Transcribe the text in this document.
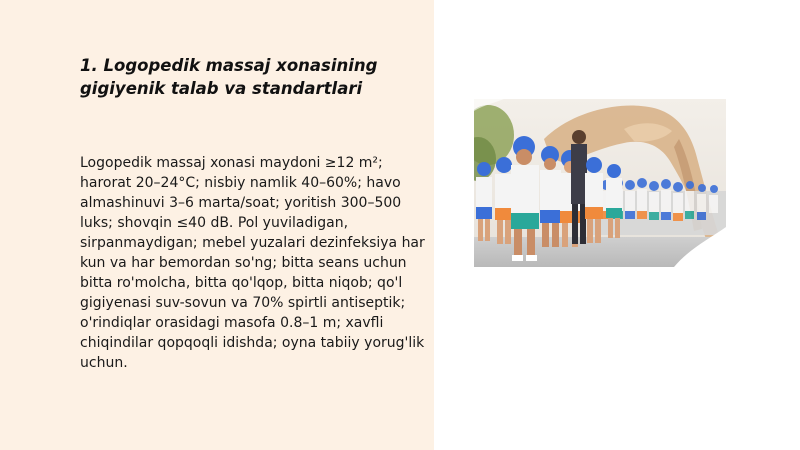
1. Logopedik massaj xonasining gigiyenik talab va standartlari

Logopedik massaj xonasi maydoni ≥12 m²; harorat 20–24°C; nisbiy namlik 40–60%; havo almashinuvi 3–6 marta/soat; yoritish 300–500 luks; shovqin ≤40 dB. Pol yuviladigan, sirpanmaydigan; mebel yuzalari dezinfeksiya har kun va har bemordan so'ng; bitta seans uchun bitta ro'molcha, bitta qo'lqop, bitta niqob; qo'l gigiyenasi suv-sovun va 70% spirtli antiseptik; o'rindiqlar orasidagi masofa 0.8–1 m; xavfli chiqindilar qopqoqli idishda; oyna tabiiy yorug'lik uchun.
